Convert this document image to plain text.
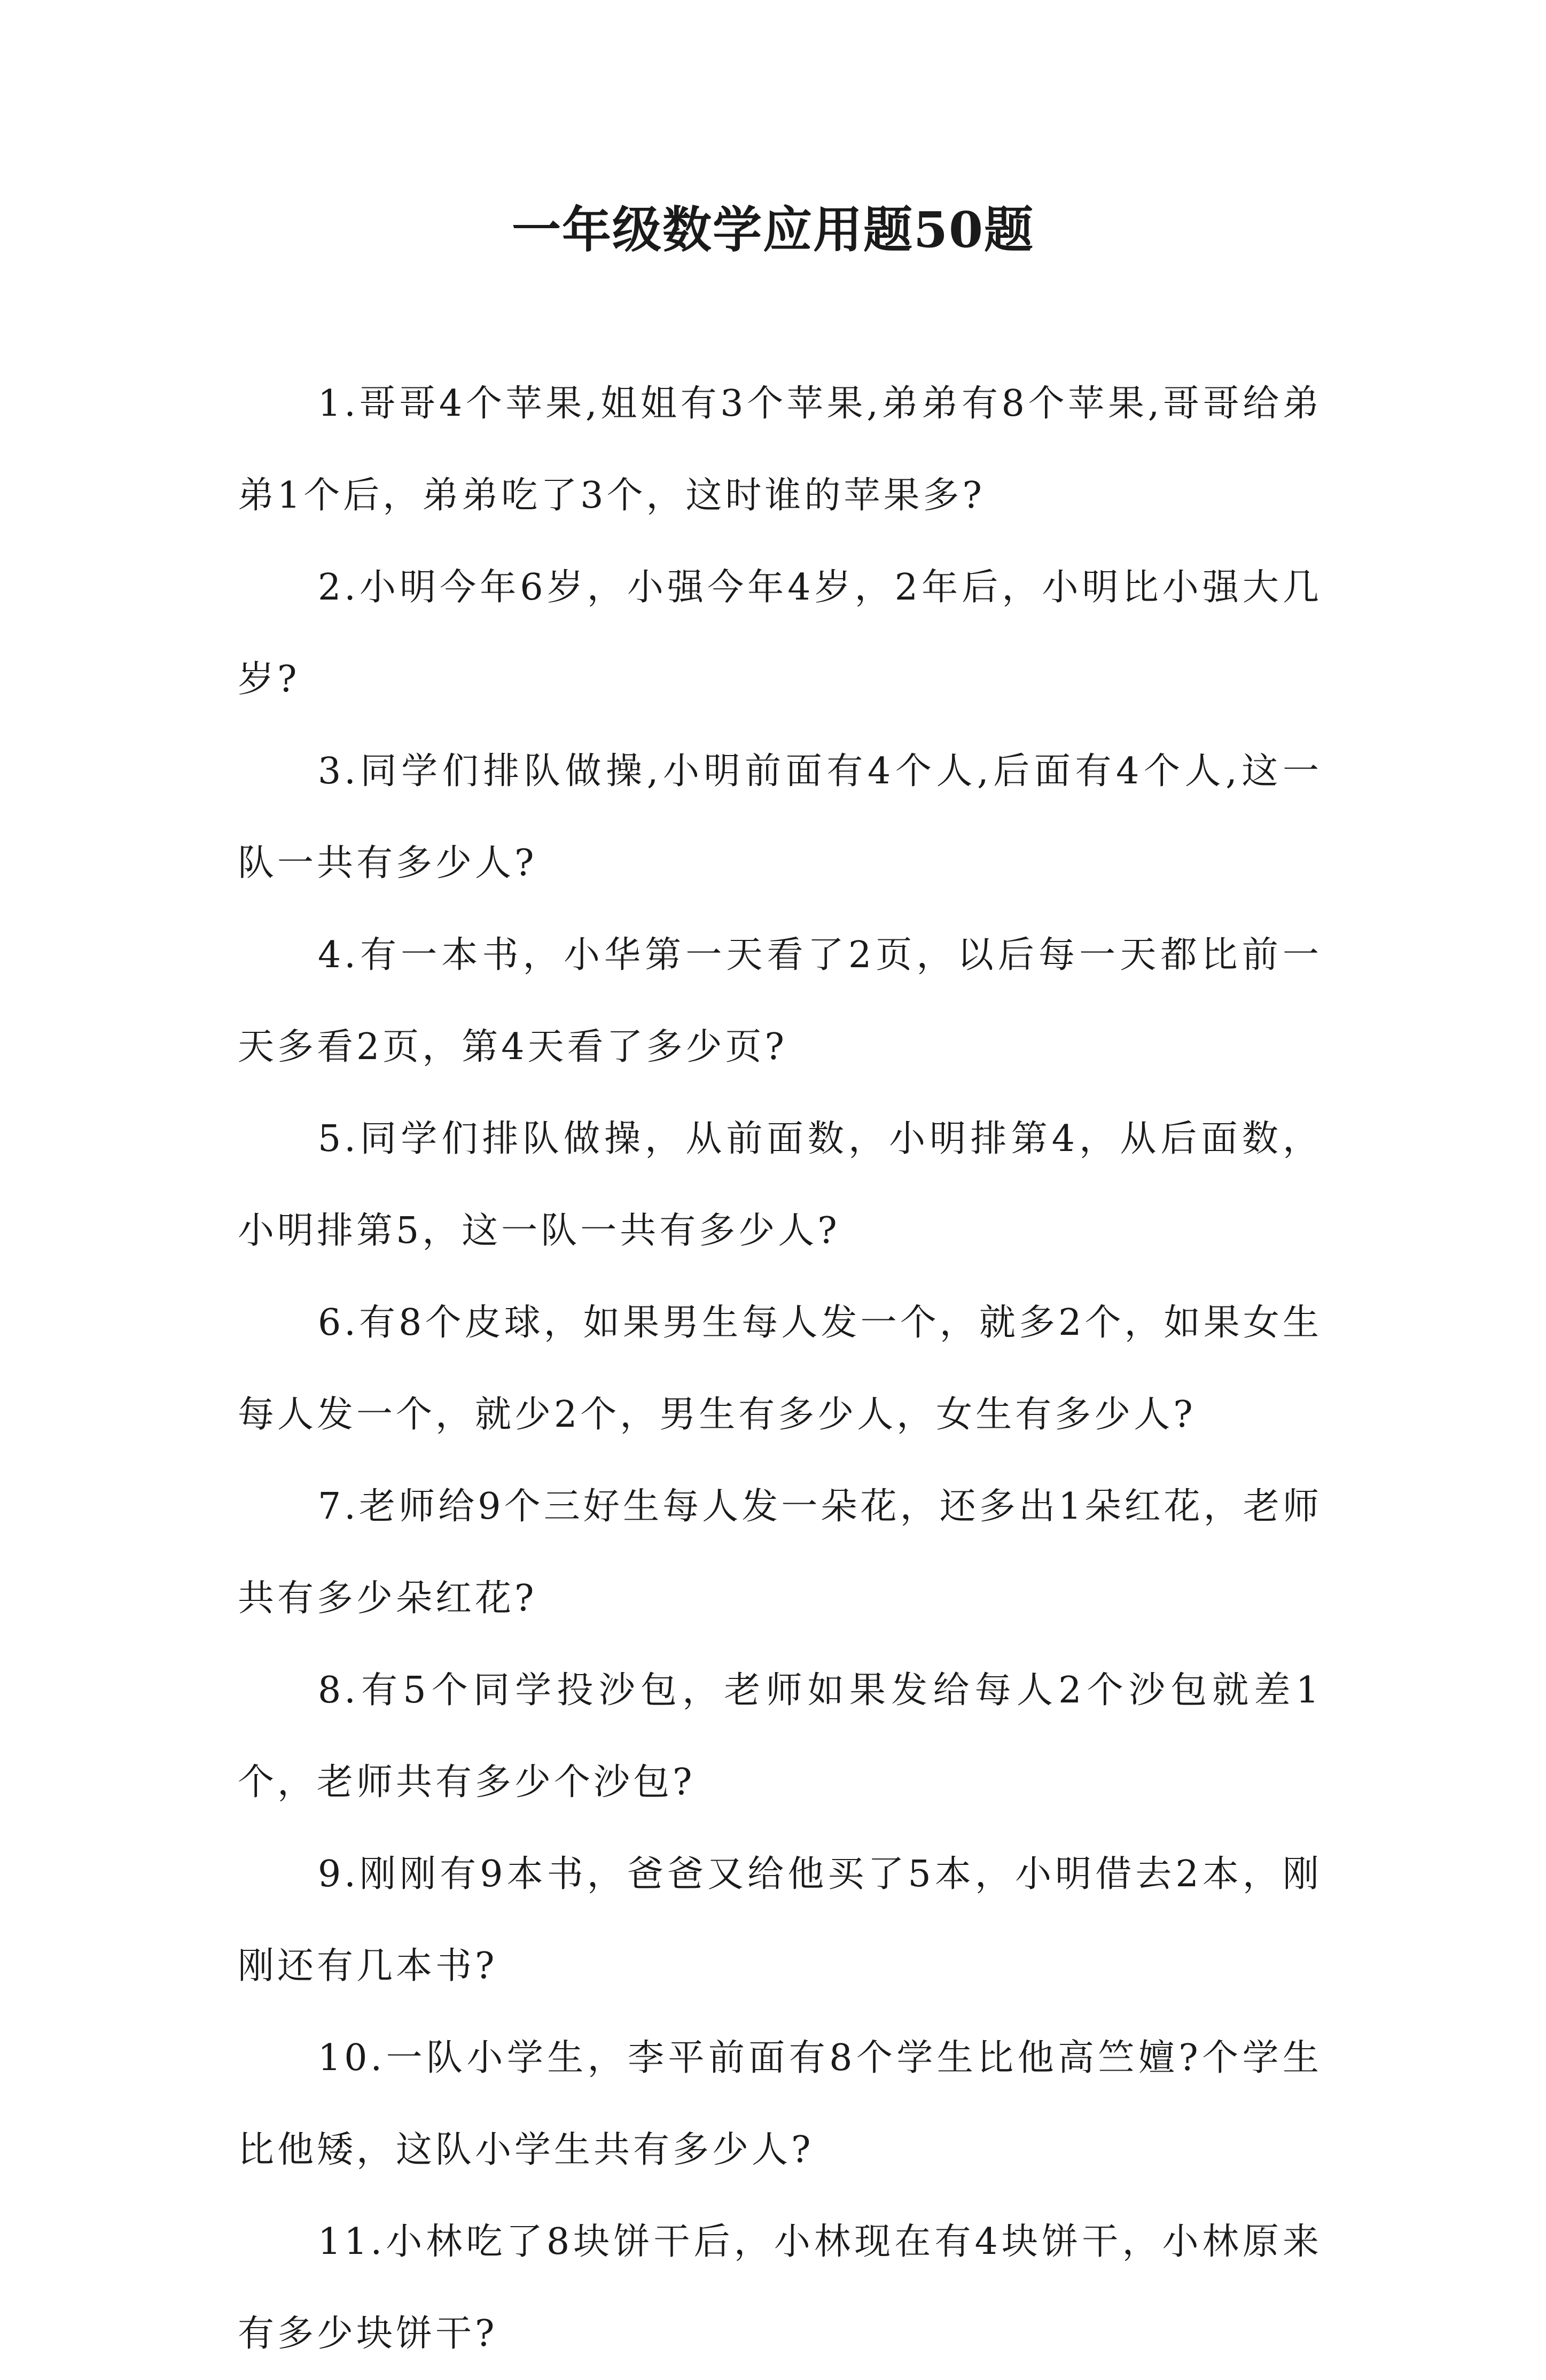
一年级数学应用题50题
1.哥哥4个苹果,姐姐有3个苹果,弟弟有8个苹果,哥哥给弟弟1个后，弟弟吃了3个，这时谁的苹果多?
2.小明今年6岁，小强今年4岁，2年后，小明比小强大几岁?
3.同学们排队做操,小明前面有4个人,后面有4个人,这一队一共有多少人?
4.有一本书，小华第一天看了2页，以后每一天都比前一天多看2页，第4天看了多少页?
5.同学们排队做操，从前面数，小明排第4，从后面数，小明排第5，这一队一共有多少人?
6.有8个皮球，如果男生每人发一个，就多2个，如果女生每人发一个，就少2个，男生有多少人，女生有多少人?
7.老师给9个三好生每人发一朵花，还多出1朵红花，老师共有多少朵红花?
8.有5个同学投沙包，老师如果发给每人2个沙包就差1个，老师共有多少个沙包?
9.刚刚有9本书，爸爸又给他买了5本，小明借去2本，刚刚还有几本书?
10.一队小学生，李平前面有8个学生比他高竺嬗?个学生比他矮，这队小学生共有多少人?
11.小林吃了8块饼干后，小林现在有4块饼干，小林原来有多少块饼干?
